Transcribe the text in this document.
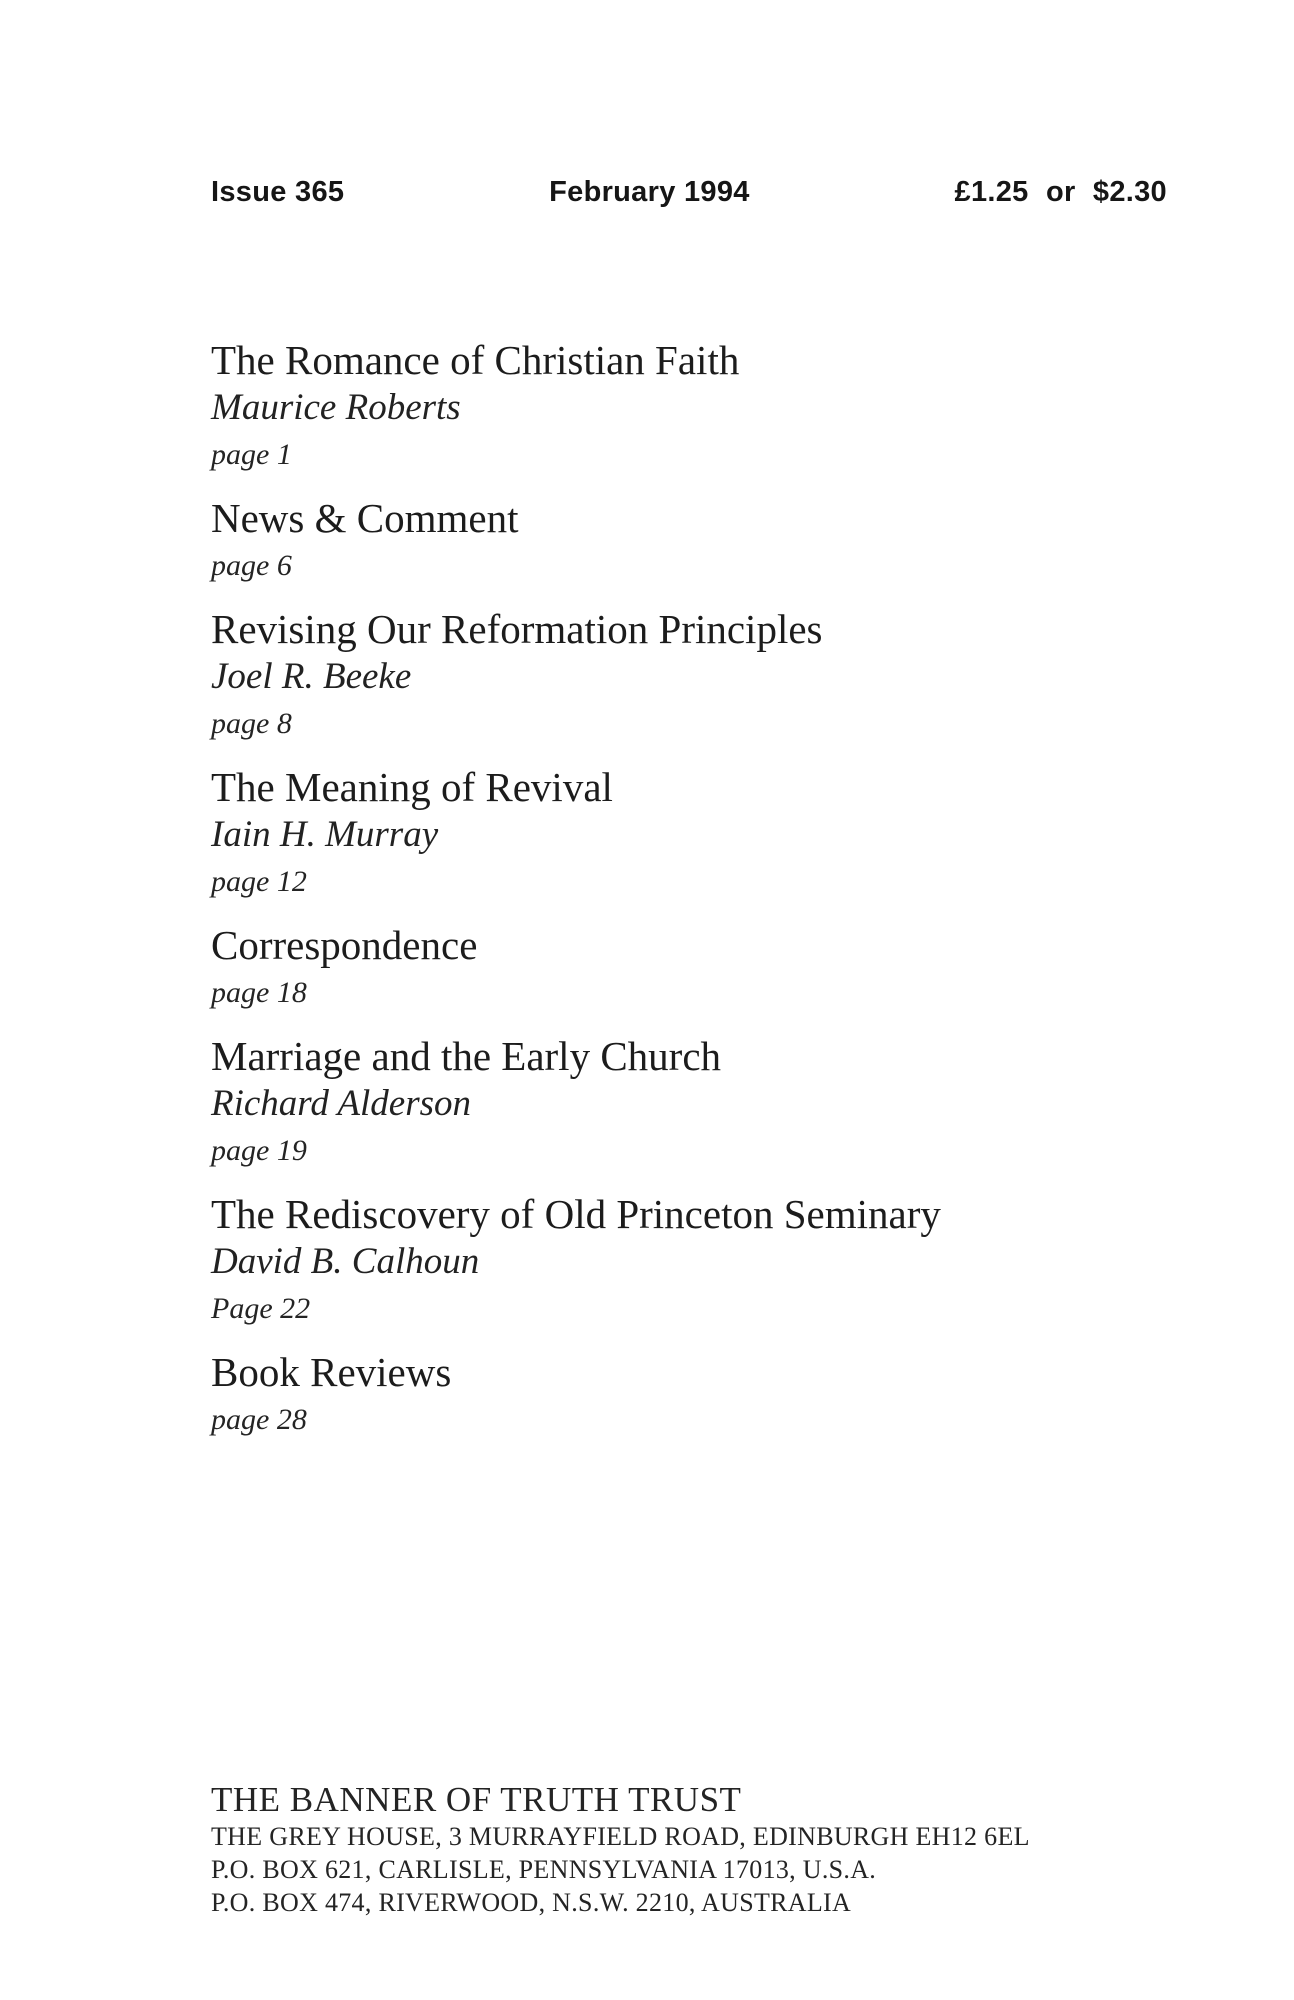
Issue 365	February 1994	£1.25 or $2.30
The Romance of Christian Faith
Maurice Roberts
page 1
News & Comment
page 6
Revising Our Reformation Principles
Joel R. Beeke
page 8
The Meaning of Revival
Iain H. Murray
page 12
Correspondence
page 18
Marriage and the Early Church
Richard Alderson
page 19
The Rediscovery of Old Princeton Seminary
David B. Calhoun
Page 22
Book Reviews
page 28
THE BANNER OF TRUTH TRUST
THE GREY HOUSE, 3 MURRAYFIELD ROAD, EDINBURGH EH12 6EL
P.O. BOX 621, CARLISLE, PENNSYLVANIA 17013, U.S.A.
P.O. BOX 474, RIVERWOOD, N.S.W. 2210, AUSTRALIA
